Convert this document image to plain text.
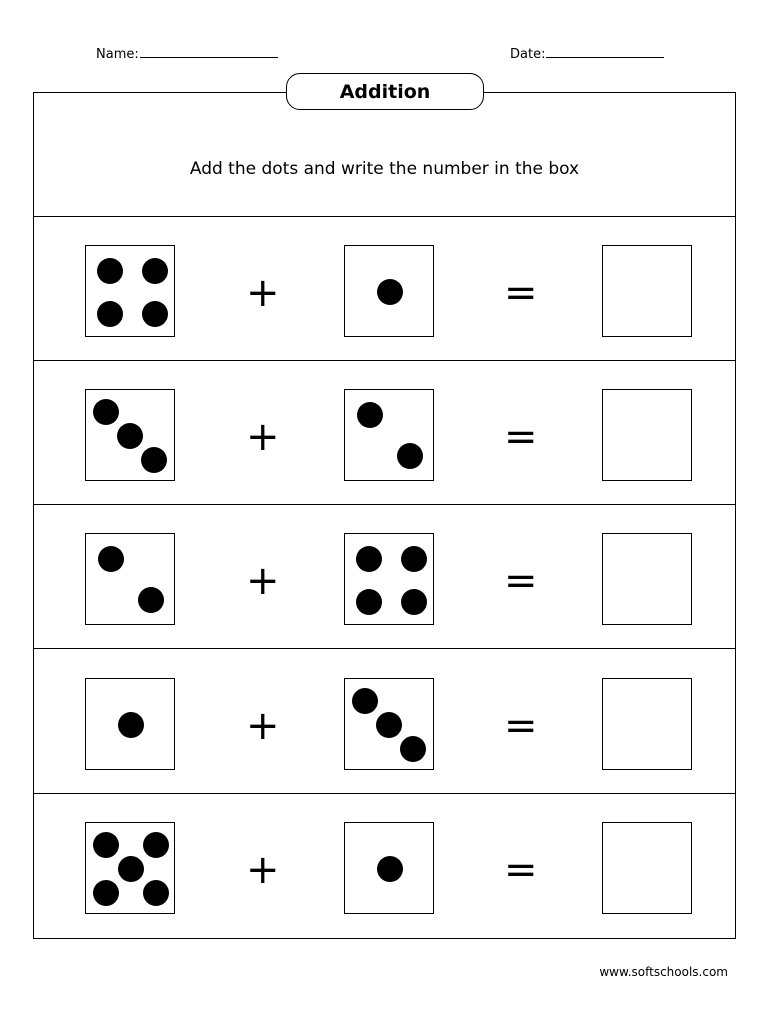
Name:	Date:
Addition
Add the dots and write the number in the box
+	=
+	=
+	=
+	=
+	=
www.softschools.com
